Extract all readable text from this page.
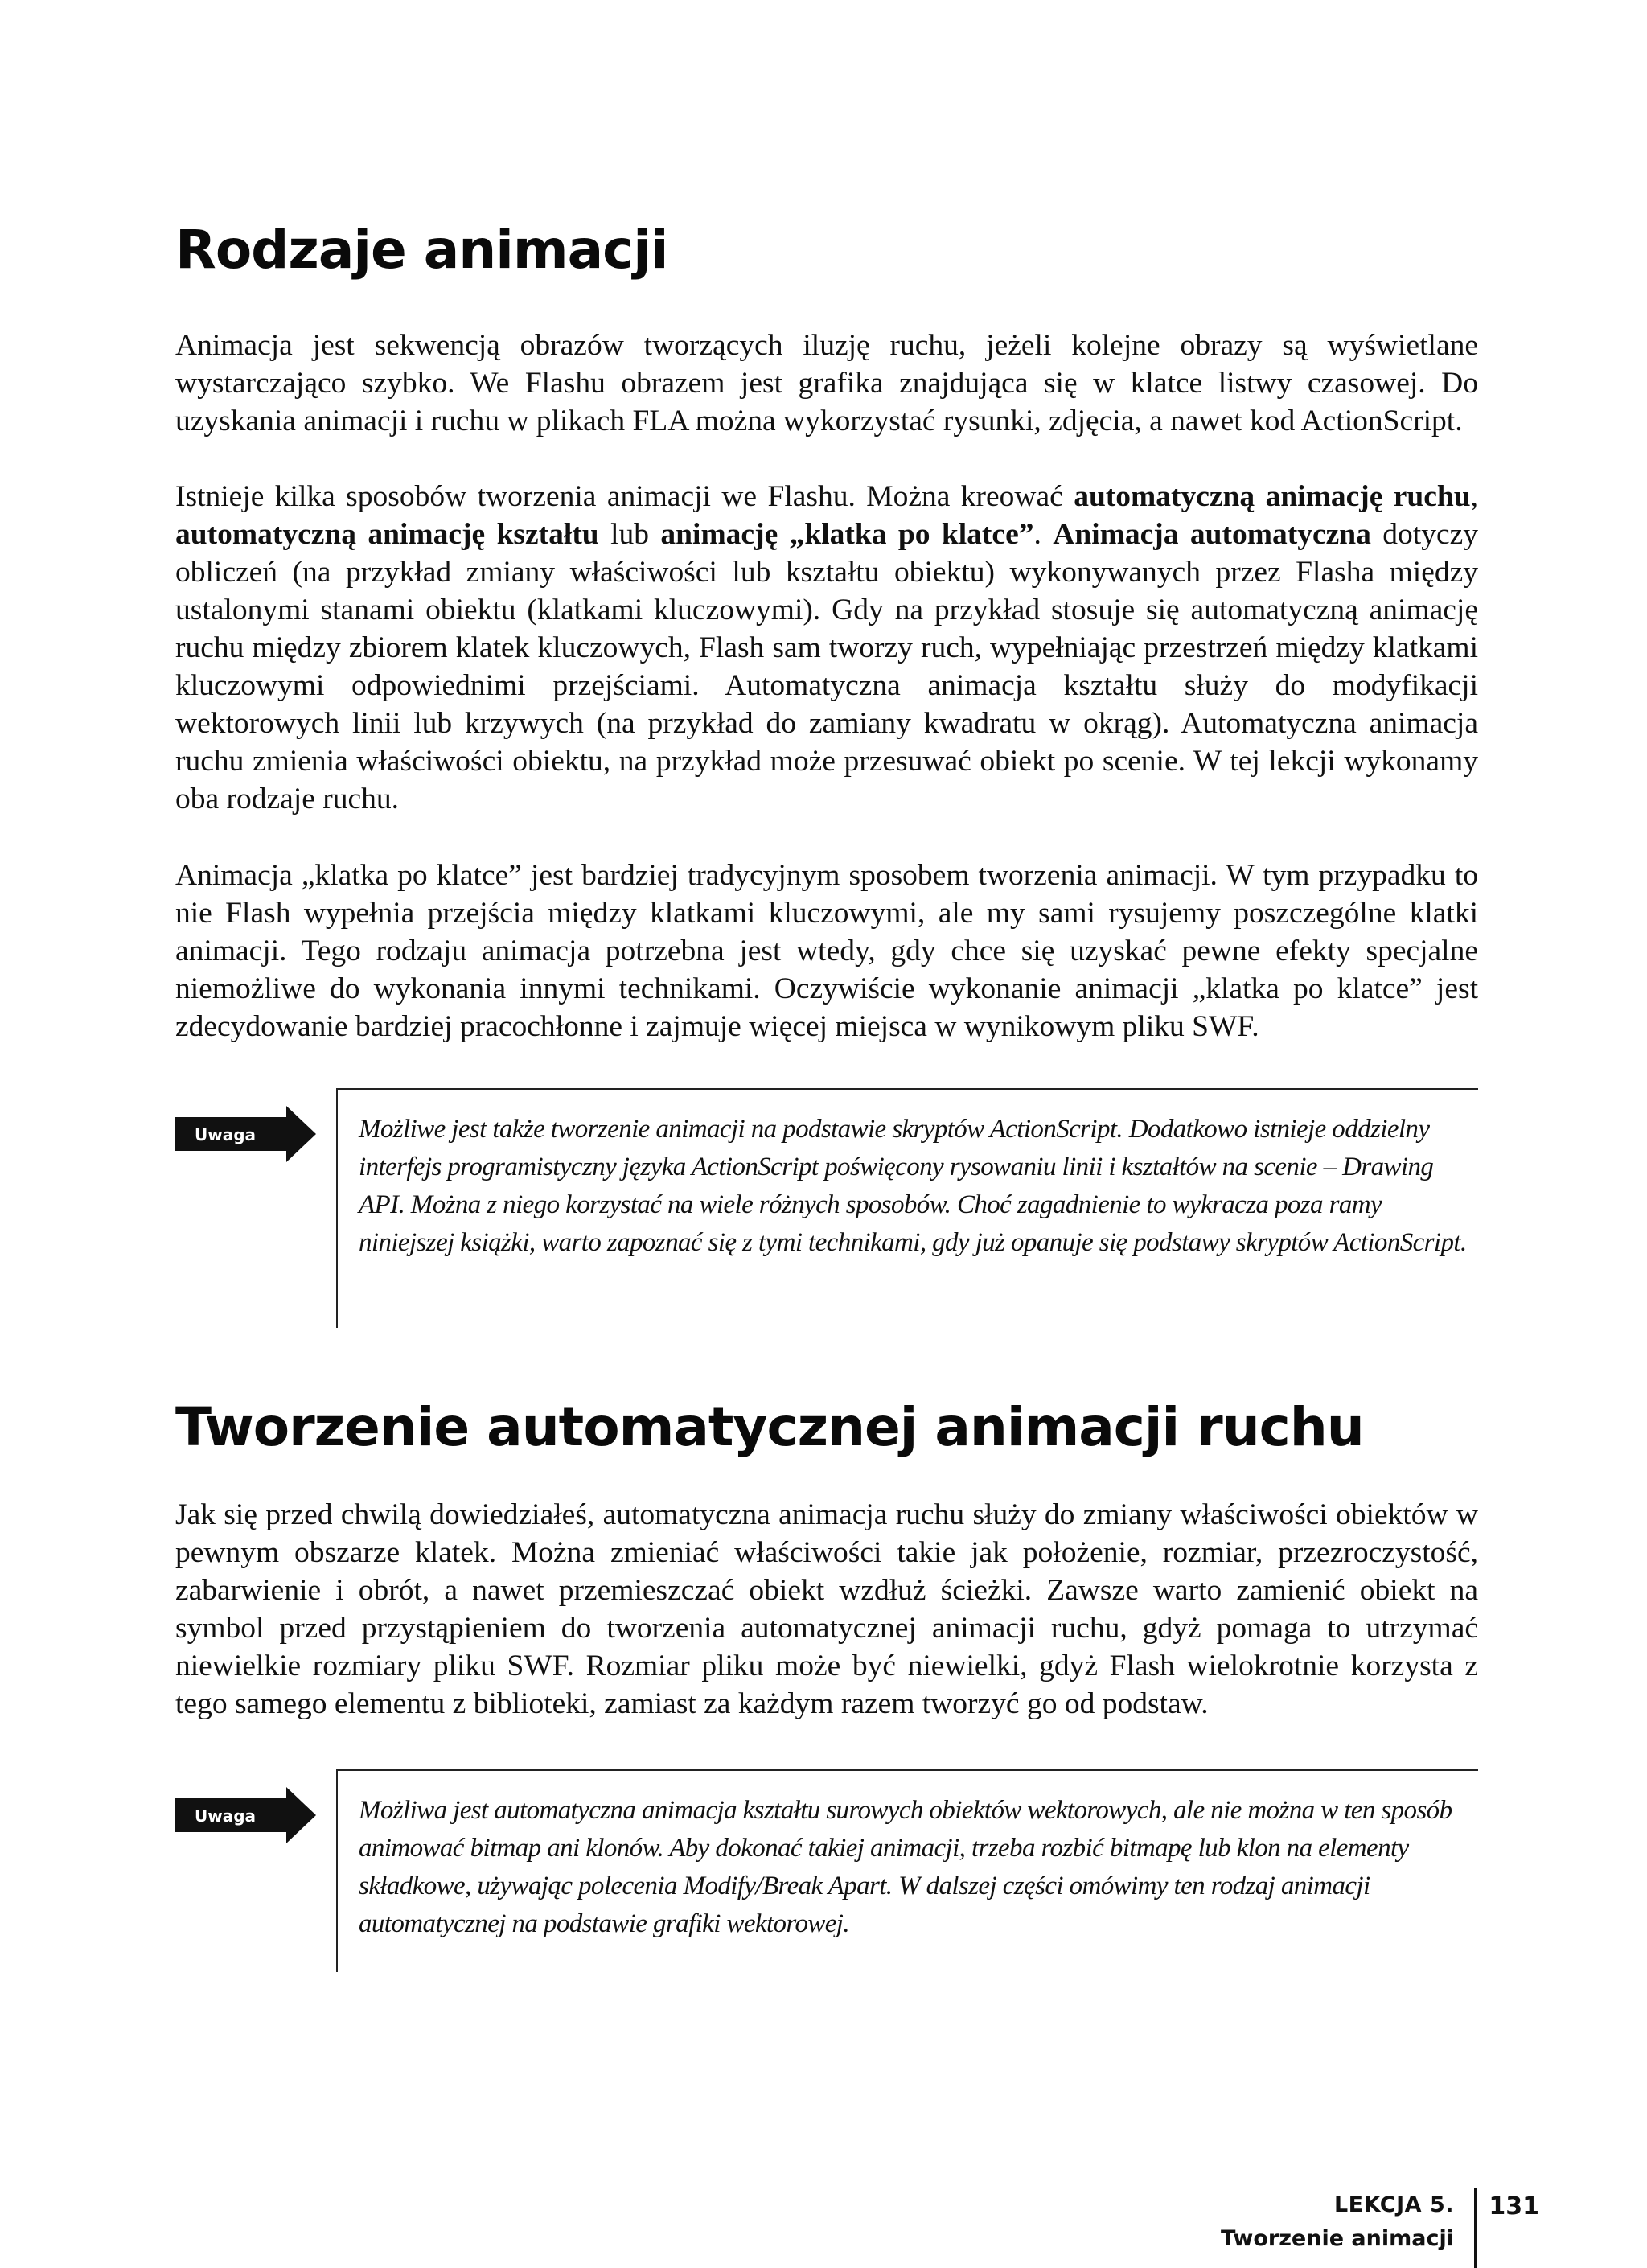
Rodzaje animacji

Animacja jest sekwencją obrazów tworzących iluzję ruchu, jeżeli kolejne obrazy są wyświetlane wystarczająco szybko. We Flashu obrazem jest grafika znajdująca się w klatce listwy czasowej. Do uzyskania animacji i ruchu w plikach FLA można wykorzystać rysunki, zdjęcia, a nawet kod ActionScript.

Istnieje kilka sposobów tworzenia animacji we Flashu. Można kreować automatyczną animację ruchu, automatyczną animację kształtu lub animację „klatka po klatce”. Animacja automatyczna dotyczy obliczeń (na przykład zmiany właściwości lub kształtu obiektu) wykonywanych przez Flasha między ustalonymi stanami obiektu (klatkami kluczowymi). Gdy na przykład stosuje się automatyczną animację ruchu między zbiorem klatek kluczowych, Flash sam tworzy ruch, wypełniając przestrzeń między klatkami kluczowymi odpowiednimi przejściami. Automatyczna animacja kształtu służy do modyfikacji wektorowych linii lub krzywych (na przykład do zamiany kwadratu w okrąg). Automatyczna animacja ruchu zmienia właściwości obiektu, na przykład może przesuwać obiekt po scenie. W tej lekcji wykonamy oba rodzaje ruchu.

Animacja „klatka po klatce” jest bardziej tradycyjnym sposobem tworzenia animacji. W tym przypadku to nie Flash wypełnia przejścia między klatkami kluczowymi, ale my sami rysujemy poszczególne klatki animacji. Tego rodzaju animacja potrzebna jest wtedy, gdy chce się uzyskać pewne efekty specjalne niemożliwe do wykonania innymi technikami. Oczywiście wykonanie animacji „klatka po klatce” jest zdecydowanie bardziej pracochłonne i zajmuje więcej miejsca w wynikowym pliku SWF.

Uwaga	Możliwe jest także tworzenie animacji na podstawie skryptów ActionScript. Dodatkowo istnieje oddzielny interfejs programistyczny języka ActionScript poświęcony rysowaniu linii i kształtów na scenie – Drawing API. Można z niego korzystać na wiele różnych sposobów. Choć zagadnienie to wykracza poza ramy niniejszej książki, warto zapoznać się z tymi technikami, gdy już opanuje się podstawy skryptów ActionScript.
Tworzenie automatycznej animacji ruchu

Jak się przed chwilą dowiedziałeś, automatyczna animacja ruchu służy do zmiany właściwości obiektów w pewnym obszarze klatek. Można zmieniać właściwości takie jak położenie, rozmiar, przezroczystość, zabarwienie i obrót, a nawet przemieszczać obiekt wzdłuż ścieżki. Zawsze warto zamienić obiekt na symbol przed przystąpieniem do tworzenia automatycznej animacji ruchu, gdyż pomaga to utrzymać niewielkie rozmiary pliku SWF. Rozmiar pliku może być niewielki, gdyż Flash wielokrotnie korzysta z tego samego elementu z biblioteki, zamiast za każdym razem tworzyć go od podstaw.

Uwaga	Możliwa jest automatyczna animacja kształtu surowych obiektów wektorowych, ale nie można w ten sposób animować bitmap ani klonów. Aby dokonać takiej animacji, trzeba rozbić bitmapę lub klon na elementy składkowe, używając polecenia Modify/Break Apart. W dalszej części omówimy ten rodzaj animacji automatycznej na podstawie grafiki wektorowej.
LEKCJA 5.
Tworzenie animacji
131
